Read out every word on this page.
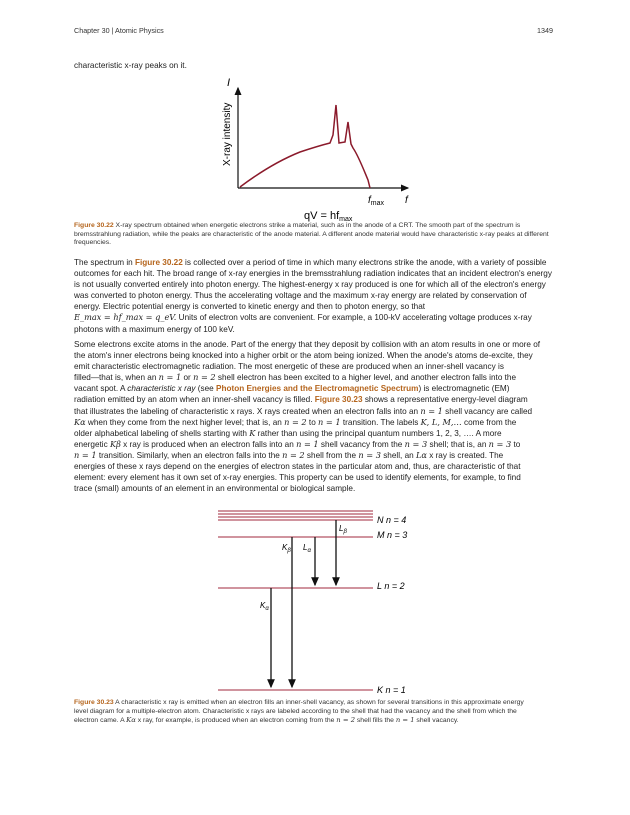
Chapter 30 | Atomic Physics	1349
characteristic x-ray peaks on it.
I
X-ray intensity
$f_{max}$ f
qV = hfmax
Figure 30.22 X-ray spectrum obtained when energetic electrons strike a material, such as in the anode of a CRT. The smooth part of the spectrum is bremsstrahlung radiation, while the peaks are characteristic of the anode material. A different anode material would have characteristic x-ray peaks at different frequencies.
The spectrum in Figure 30.22 is collected over a period of time in which many electrons strike the anode, with a variety of possible outcomes for each hit. The broad range of x-ray energies in the bremsstrahlung radiation indicates that an incident electron's energy is not usually converted entirely into photon energy. The highest-energy x ray produced is one for which all of the electron's energy was converted to photon energy. Thus the accelerating voltage and the maximum x-ray energy are related by conservation of energy. Electric potential energy is converted to kinetic energy and then to photon energy, so that
E_max = hf_max = q_eV. Units of electron volts are convenient. For example, a 100-kV accelerating voltage produces x-ray photons with a maximum energy of 100 keV.
Some electrons excite atoms in the anode. Part of the energy that they deposit by collision with an atom results in one or more of
the atom's inner electrons being knocked into a higher orbit or the atom being ionized. When the anode's atoms de-excite, they
emit characteristic electromagnetic radiation. The most energetic of these are produced when an inner-shell vacancy is
filled—that is, when an n = 1 or n = 2 shell electron has been excited to a higher level, and another electron falls into the
vacant spot. A characteristic x ray (see Photon Energies and the Electromagnetic Spectrum) is electromagnetic (EM)
radiation emitted by an atom when an inner-shell vacancy is filled. Figure 30.23 shows a representative energy-level diagram
that illustrates the labeling of characteristic x rays. X rays created when an electron falls into an n = 1 shell vacancy are called
Kα when they come from the next higher level; that is, an n = 2 to n = 1 transition. The labels K, L, M,… come from the
older alphabetical labeling of shells starting with K rather than using the principal quantum numbers 1, 2, 3, …. A more
energetic Kβ x ray is produced when an electron falls into an n = 1 shell vacancy from the n = 3 shell; that is, an n = 3 to
n = 1 transition. Similarly, when an electron falls into the n = 2 shell from the n = 3 shell, an Lα x ray is created. The
energies of these x rays depend on the energies of electron states in the particular atom and, thus, are characteristic of that
element: every element has it own set of x-ray energies. This property can be used to identify elements, for example, to find
trace (small) amounts of an element in an environmental or biological sample.
N n = 4
M n = 3
L n = 2
K n = 1
$L_\beta$
$K_\beta$ $L_\alpha$
$K_\alpha$
Figure 30.23 A characteristic x ray is emitted when an electron fills an inner-shell vacancy, as shown for several transitions in this approximate energy
level diagram for a multiple-electron atom. Characteristic x rays are labeled according to the shell that had the vacancy and the shell from which the
electron came. A Kα x ray, for example, is produced when an electron coming from the n = 2 shell fills the n = 1 shell vacancy.
